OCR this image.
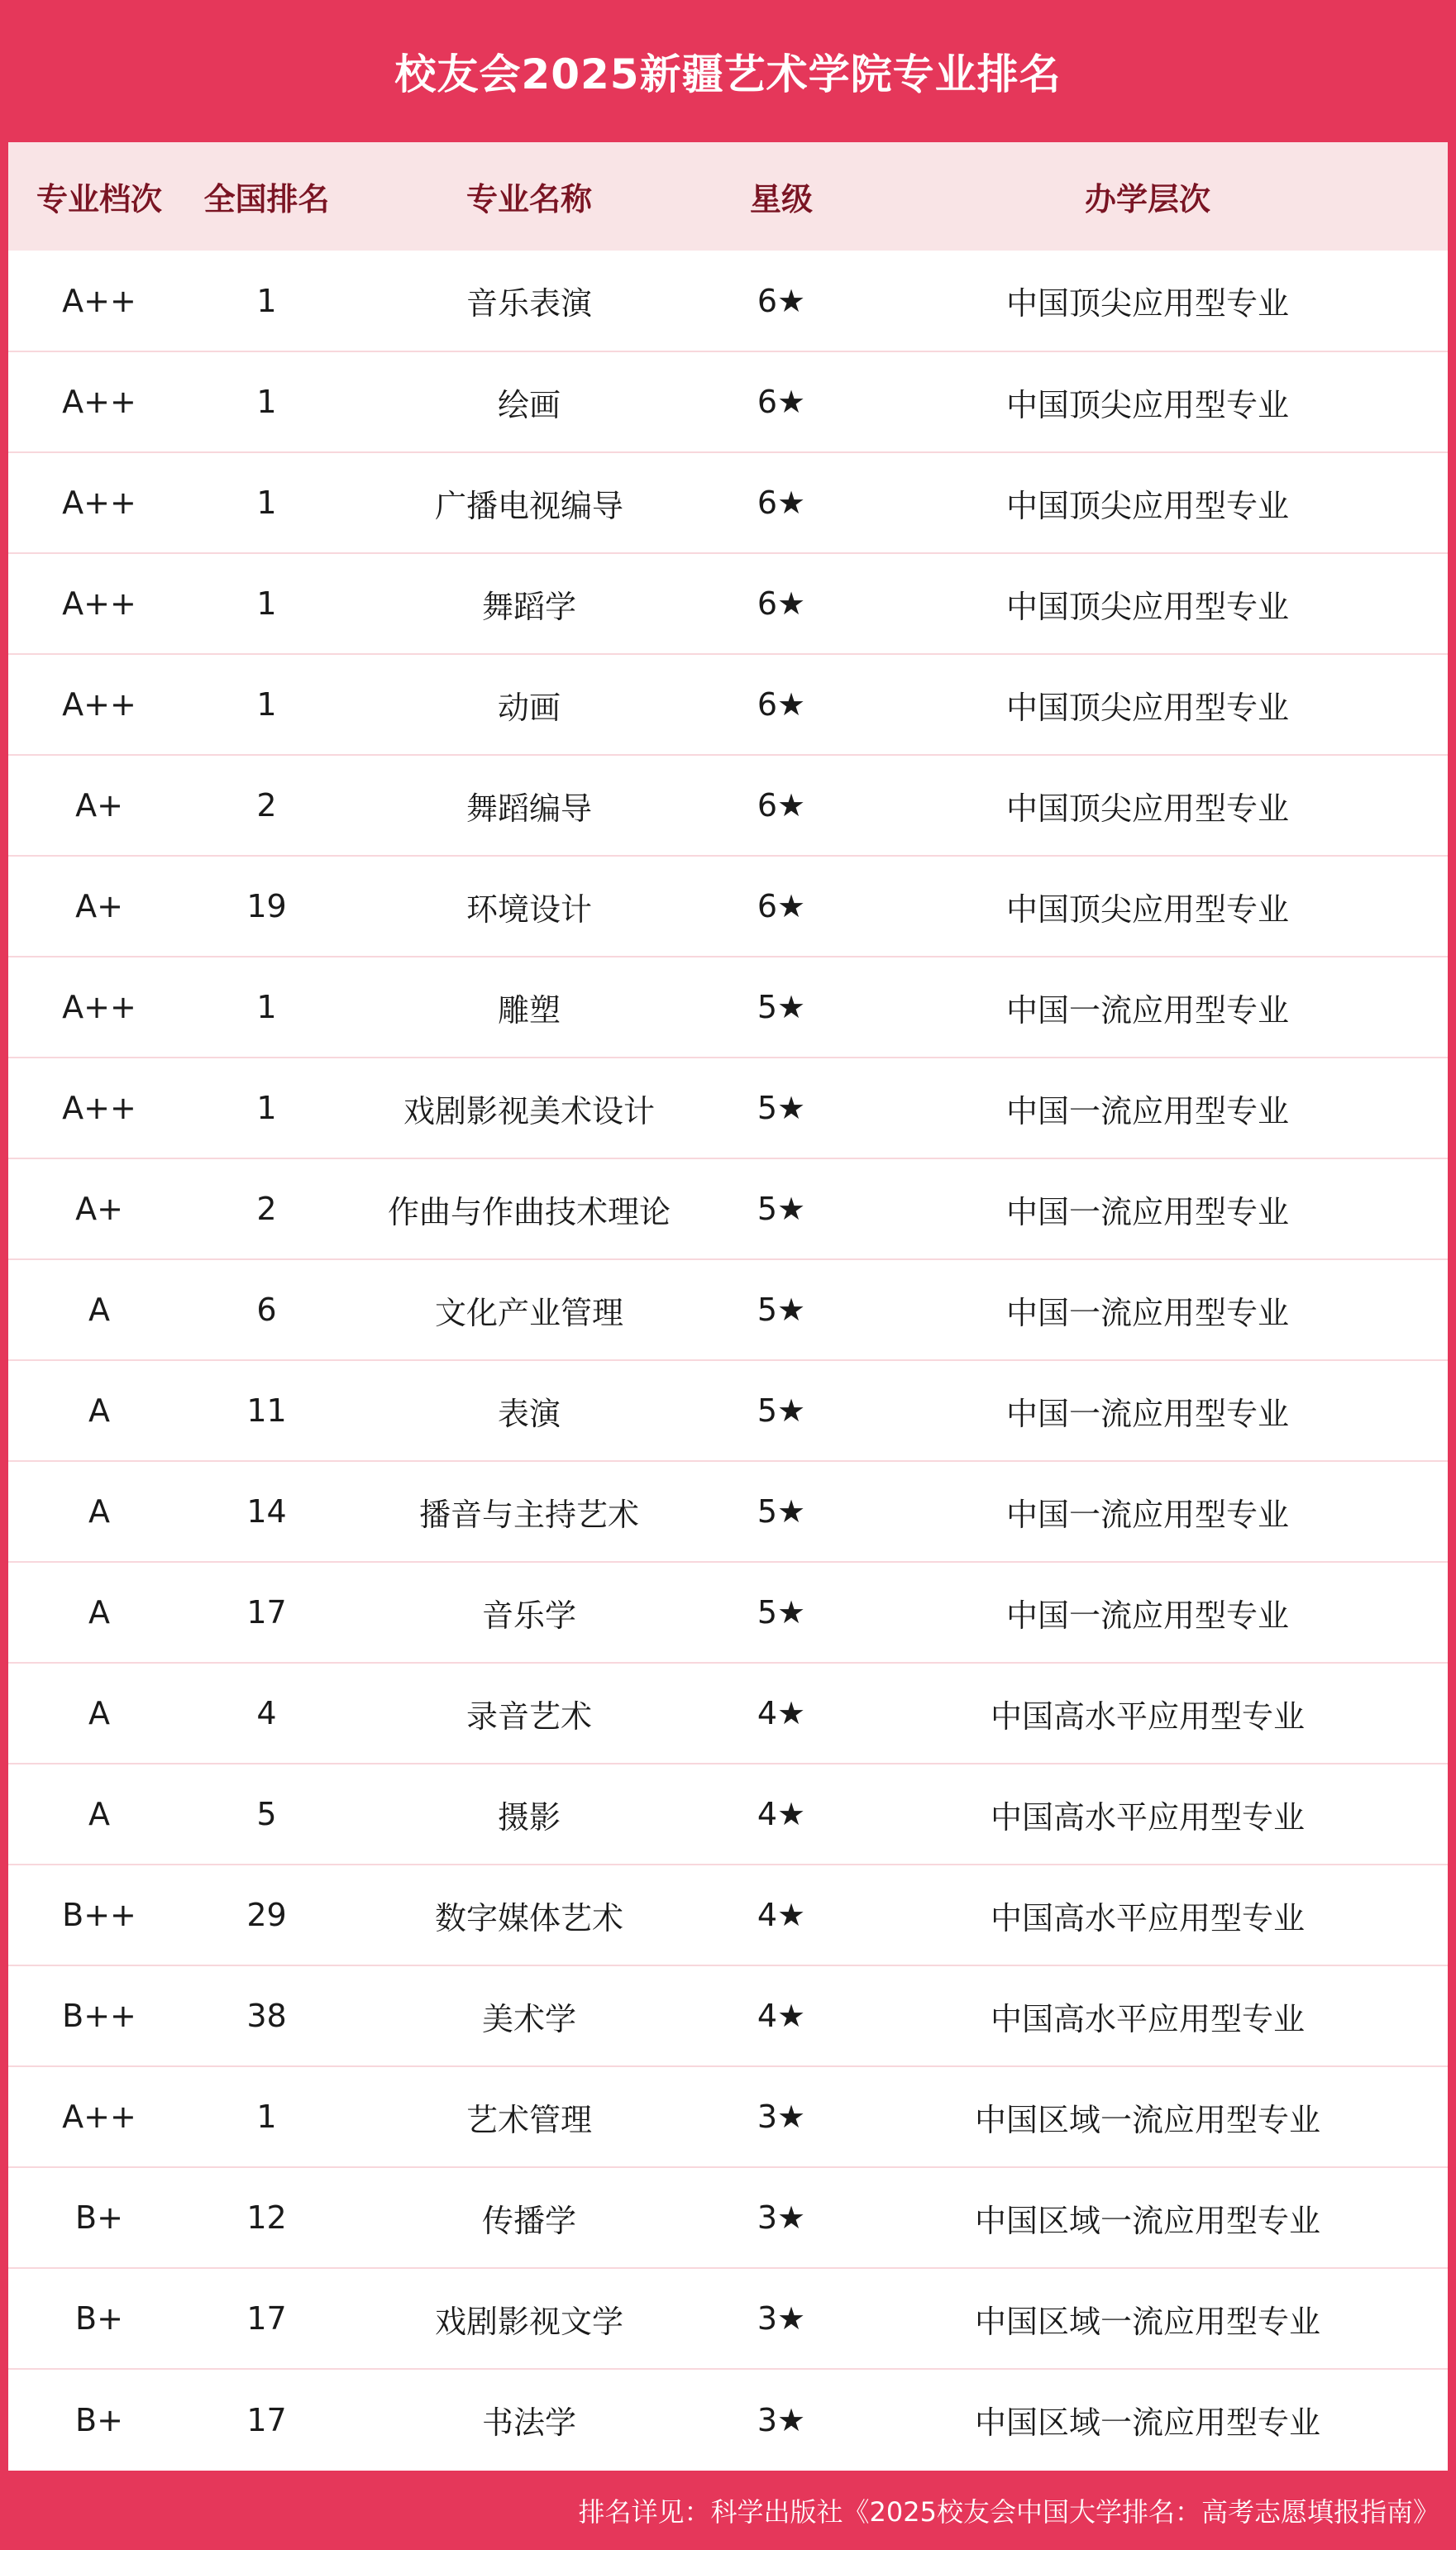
校友会2025新疆艺术学院专业排名
专业档次	全国排名	专业名称	星级	办学层次
A++	1	音乐表演	6★	中国顶尖应用型专业
A++	1	绘画	6★	中国顶尖应用型专业
A++	1	广播电视编导	6★	中国顶尖应用型专业
A++	1	舞蹈学	6★	中国顶尖应用型专业
A++	1	动画	6★	中国顶尖应用型专业
A+	2	舞蹈编导	6★	中国顶尖应用型专业
A+	19	环境设计	6★	中国顶尖应用型专业
A++	1	雕塑	5★	中国一流应用型专业
A++	1	戏剧影视美术设计	5★	中国一流应用型专业
A+	2	作曲与作曲技术理论	5★	中国一流应用型专业
A	6	文化产业管理	5★	中国一流应用型专业
A	11	表演	5★	中国一流应用型专业
A	14	播音与主持艺术	5★	中国一流应用型专业
A	17	音乐学	5★	中国一流应用型专业
A	4	录音艺术	4★	中国高水平应用型专业
A	5	摄影	4★	中国高水平应用型专业
B++	29	数字媒体艺术	4★	中国高水平应用型专业
B++	38	美术学	4★	中国高水平应用型专业
A++	1	艺术管理	3★	中国区域一流应用型专业
B+	12	传播学	3★	中国区域一流应用型专业
B+	17	戏剧影视文学	3★	中国区域一流应用型专业
B+	17	书法学	3★	中国区域一流应用型专业
排名详见：科学出版社《2025校友会中国大学排名：高考志愿填报指南》
